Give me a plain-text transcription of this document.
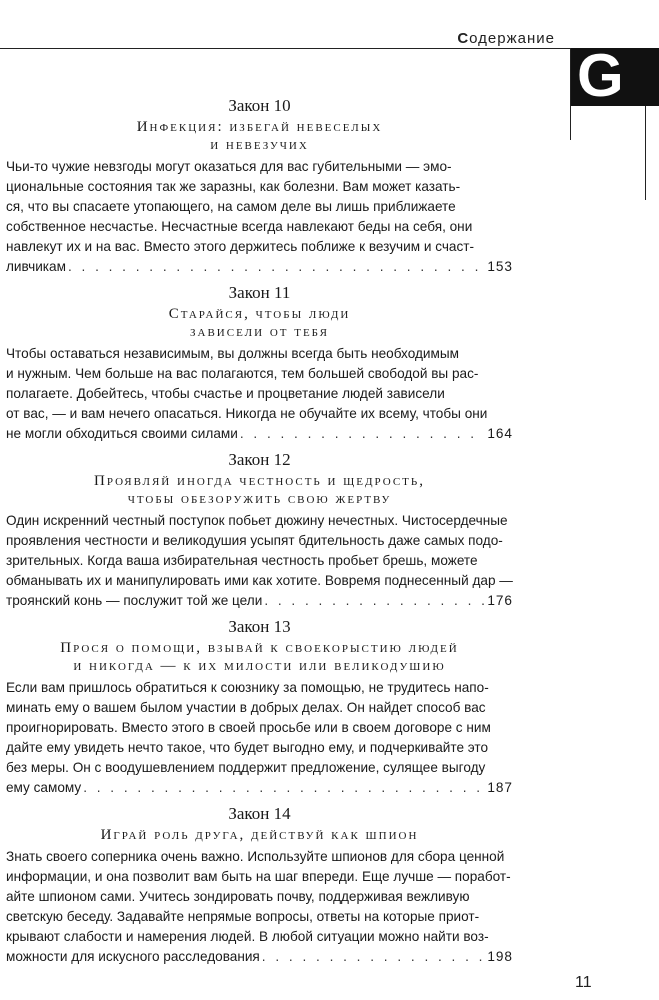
Содержание
G
Закон 10
Инфекция: избегай невеселых
и невезучих
Чьи-то чужие невзгоды могут оказаться для вас губительными — эмо-
циональные состояния так же заразны, как болезни. Вам может казать-
ся, что вы спасаете утопающего, на самом деле вы лишь приближаете
собственное несчастье. Несчастные всегда навлекают беды на себя, они
навлекут их и на вас. Вместо этого держитесь поближе к везучим и счаст-
ливчикам . . .	153
Закон 11
Старайся, чтобы люди
зависели от тебя
Чтобы оставаться независимым, вы должны всегда быть необходимым
и нужным. Чем больше на вас полагаются, тем большей свободой вы рас-
полагаете. Добейтесь, чтобы счастье и процветание людей зависели
от вас, — и вам нечего опасаться. Никогда не обучайте их всему, чтобы они
не могли обходиться своими силами . . .	164
Закон 12
Проявляй иногда честность и щедрость,
чтобы обезоружить свою жертву
Один искренний честный поступок побьет дюжину нечестных. Чистосердечные
проявления честности и великодушия усыпят бдительность даже самых подо-
зрительных. Когда ваша избирательная честность пробьет брешь, можете
обманывать их и манипулировать ими как хотите. Вовремя поднесенный дар —
троянский конь — послужит той же цели . . .	176
Закон 13
Прося о помощи, взывай к своекорыстию людей
и никогда — к их милости или великодушию
Если вам пришлось обратиться к союзнику за помощью, не трудитесь напо-
минать ему о вашем былом участии в добрых делах. Он найдет способ вас
проигнорировать. Вместо этого в своей просьбе или в своем договоре с ним
дайте ему увидеть нечто такое, что будет выгодно ему, и подчеркивайте это
без меры. Он с воодушевлением поддержит предложение, сулящее выгоду
ему самому . . .	187
Закон 14
Играй роль друга, действуй как шпион
Знать своего соперника очень важно. Используйте шпионов для сбора ценной
информации, и она позволит вам быть на шаг впереди. Еще лучше — поработ-
айте шпионом сами. Учитесь зондировать почву, поддерживая вежливую
светскую беседу. Задавайте непрямые вопросы, ответы на которые приот-
крывают слабости и намерения людей. В любой ситуации можно найти воз-
можности для искусного расследования . . .	198
11
